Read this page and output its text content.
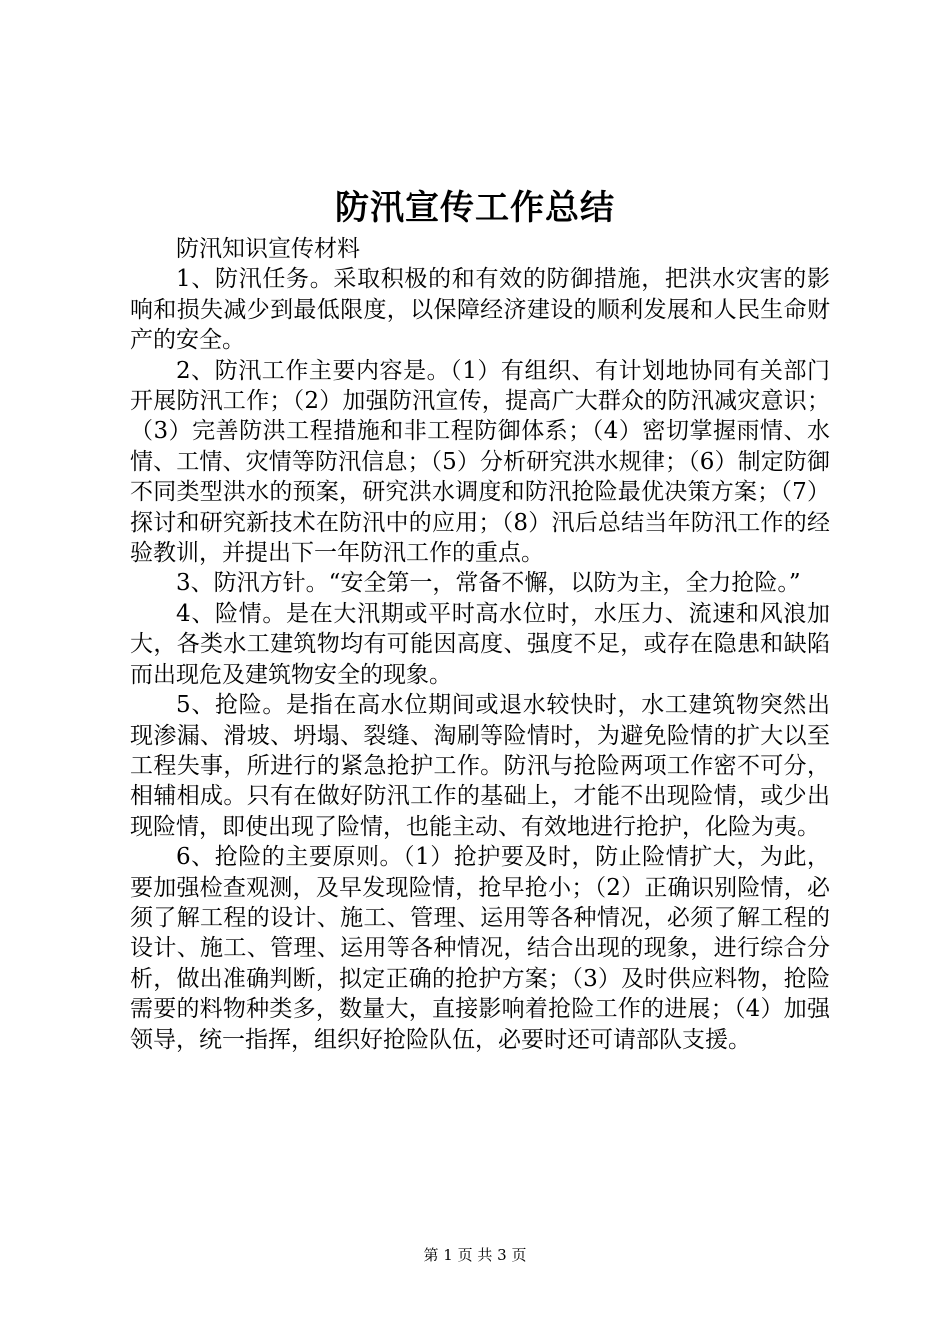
防汛宣传工作总结

防汛知识宣传材料

1、防汛任务。采取积极的和有效的防御措施，把洪水灾害的影响和损失减少到最低限度，以保障经济建设的顺利发展和人民生命财产的安全。

2、防汛工作主要内容是。（1）有组织、有计划地协同有关部门开展防汛工作；（2）加强防汛宣传，提高广大群众的防汛减灾意识；（3）完善防洪工程措施和非工程防御体系；（4）密切掌握雨情、水情、工情、灾情等防汛信息；（5）分析研究洪水规律；（6）制定防御不同类型洪水的预案，研究洪水调度和防汛抢险最优决策方案；（7）探讨和研究新技术在防汛中的应用；（8）汛后总结当年防汛工作的经验教训，并提出下一年防汛工作的重点。

3、防汛方针。“安全第一，常备不懈，以防为主，全力抢险。”

4、险情。是在大汛期或平时高水位时，水压力、流速和风浪加大，各类水工建筑物均有可能因高度、强度不足，或存在隐患和缺陷而出现危及建筑物安全的现象。

5、抢险。是指在高水位期间或退水较快时，水工建筑物突然出现渗漏、滑坡、坍塌、裂缝、淘刷等险情时，为避免险情的扩大以至工程失事，所进行的紧急抢护工作。防汛与抢险两项工作密不可分，相辅相成。只有在做好防汛工作的基础上，才能不出现险情，或少出现险情，即使出现了险情，也能主动、有效地进行抢护，化险为夷。

6、抢险的主要原则。（1）抢护要及时，防止险情扩大，为此，要加强检查观测，及早发现险情，抢早抢小；（2）正确识别险情，必须了解工程的设计、施工、管理、运用等各种情况，必须了解工程的设计、施工、管理、运用等各种情况，结合出现的现象，进行综合分析，做出准确判断，拟定正确的抢护方案；（3）及时供应料物，抢险需要的料物种类多，数量大，直接影响着抢险工作的进展；（4）加强领导，统一指挥，组织好抢险队伍，必要时还可请部队支援。

第 1 页 共 3 页
